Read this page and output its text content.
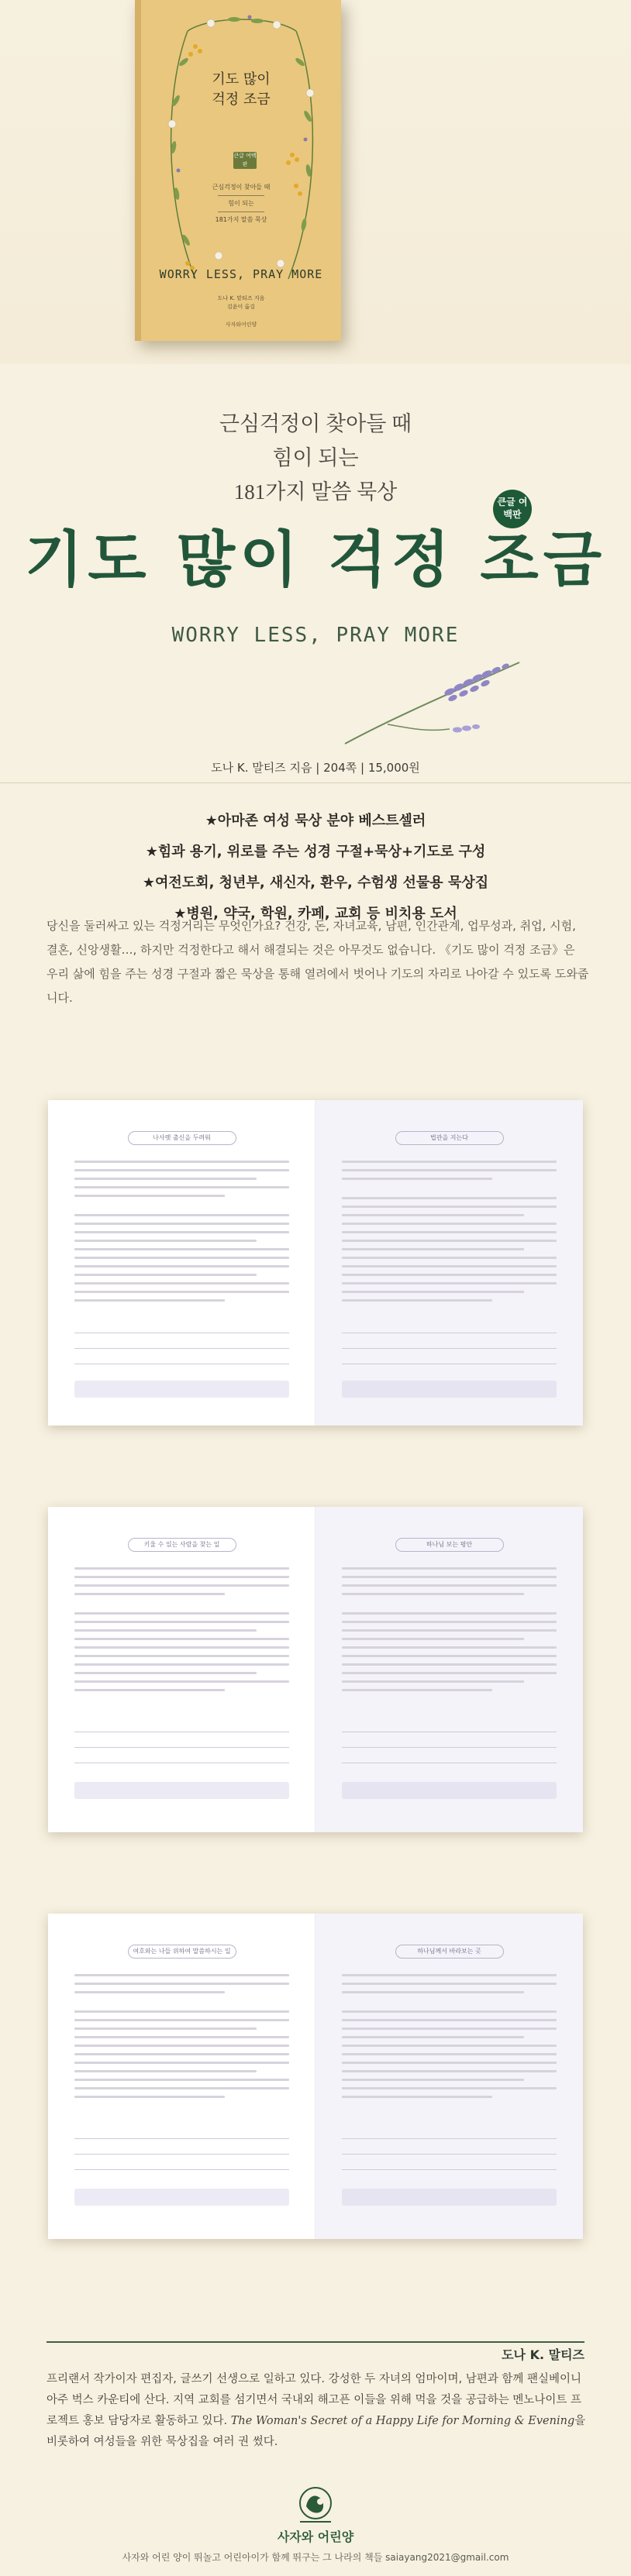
기도 많이
걱정 조금
큰글 여백판
근심걱정이 찾아들 때
힘이 되는
181가지 말씀 묵상
WORRY LESS, PRAY MORE
도나 K. 맡티즈 지음
김윤이 옮김
사자와어린양
근심걱정이 찾아들 때
힘이 되는
181가지 말씀 묵상	큰글 여백판
기도 많이 걱정 조금
WORRY LESS, PRAY MORE
도나 K. 말티즈 지음 | 204쪽 | 15,000원
★아마존 여성 묵상 분야 베스트셀러
★힘과 용기, 위로를 주는 성경 구절+묵상+기도로 구성
★여전도회, 청년부, 새신자, 환우, 수험생 선물용 묵상집
★병원, 약국, 학원, 카페, 교회 등 비치용 도서
당신을 둘러싸고 있는 걱정거리는 무엇인가요? 건강, 돈, 자녀교육, 남편, 인간관계, 업무성과, 취업, 시험, 결혼, 신앙생활…, 하지만 걱정한다고 해서 해결되는 것은 아무것도 없습니다. 《기도 많이 걱정 조금》은 우리 삶에 힘을 주는 성경 구절과 짧은 묵상을 통해 열려에서 벗어나 기도의 자리로 나아갈 수 있도록 도와줍니다.
나사렛 출신을 두려워	법관을 지는다
키울 수 있는 사람을 찾는 일	하나님 보는 평안
여호와는 나들 위하여 말씀하시는 일	하나님께서 바라보는 곳
도나 K. 말티즈
프리랜서 작가이자 편집자, 글쓰기 선생으로 일하고 있다. 강성한 두 자녀의 엄마이며, 남편과 함께 팬실베이니아주 벅스 카운티에 산다. 지역 교회를 섬기면서 국내외 해고픈 이들을 위해 먹을 것을 공급하는 멘노나이트 프로젝트 홍보 담당자로 활동하고 있다. The Woman's Secret of a Happy Life for Morning & Evening을 비롯하여 여성들을 위한 묵상집을 여러 권 썼다.
사자와 어린양
사자와 어린 양이 뛰놀고 어린아이가 함께 뛰구는 그 나라의 책들 saiayang2021@gmail.com
